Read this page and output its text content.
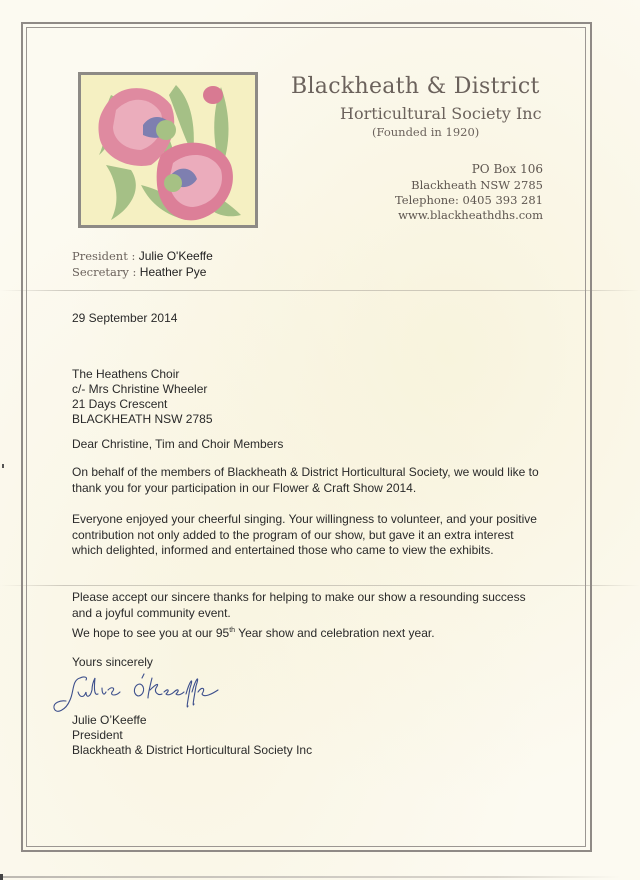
Blackheath & District
Horticultural Society Inc
(Founded in 1920)
PO Box 106
Blackheath NSW 2785
Telephone: 0405 393 281
www.blackheathdhs.com
President : Julie O'Keeffe
Secretary : Heather Pye
29 September 2014
The Heathens Choir
c/- Mrs Christine Wheeler
21 Days Crescent
BLACKHEATH NSW 2785
Dear Christine, Tim and Choir Members

On behalf of the members of Blackheath & District Horticultural Society, we would like to thank you for your participation in our Flower & Craft Show 2014.

Everyone enjoyed your cheerful singing. Your willingness to volunteer, and your positive contribution not only added to the program of our show, but gave it an extra interest which delighted, informed and entertained those who came to view the exhibits.

Please accept our sincere thanks for helping to make our show a resounding success and a joyful community event.

We hope to see you at our 95th Year show and celebration next year.

Yours sincerely
Julie O’Keeffe
President
Blackheath & District Horticultural Society Inc
